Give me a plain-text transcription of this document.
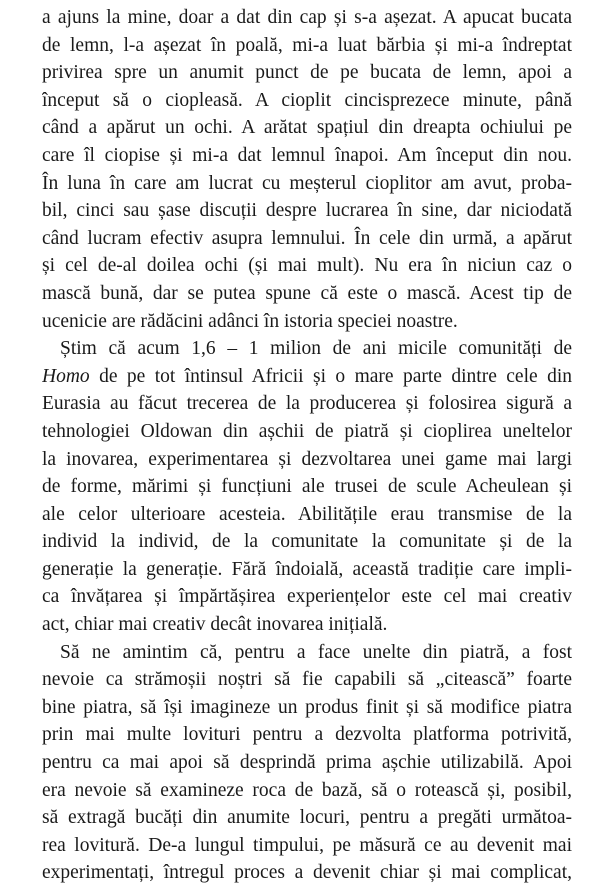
a ajuns la mine, doar a dat din cap și s-a așezat. A apucat bucata
de lemn, l-a așezat în poală, mi-a luat bărbia și mi-a îndreptat
privirea spre un anumit punct de pe bucata de lemn, apoi a
început să o ciopleasă. A cioplit cincisprezece minute, până
când a apărut un ochi. A arătat spațiul din dreapta ochiului pe
care îl ciopise și mi-a dat lemnul înapoi. Am început din nou.
În luna în care am lucrat cu meșterul cioplitor am avut, proba-
bil, cinci sau șase discuții despre lucrarea în sine, dar niciodată
când lucram efectiv asupra lemnului. În cele din urmă, a apărut
și cel de-al doilea ochi (și mai mult). Nu era în niciun caz o
mască bună, dar se putea spune că este o mască. Acest tip de
ucenicie are rădăcini adânci în istoria speciei noastre.
Știm că acum 1,6 – 1 milion de ani micile comunități de
Homo de pe tot întinsul Africii și o mare parte dintre cele din
Eurasia au făcut trecerea de la producerea și folosirea sigură a
tehnologiei Oldowan din așchii de piatră și cioplirea uneltelor
la inovarea, experimentarea și dezvoltarea unei game mai largi
de forme, mărimi și funcțiuni ale trusei de scule Acheulean și
ale celor ulterioare acesteia. Abilitățile erau transmise de la
individ la individ, de la comunitate la comunitate și de la
generație la generație. Fără îndoială, această tradiție care impli-
ca învățarea și împărtășirea experiențelor este cel mai creativ
act, chiar mai creativ decât inovarea inițială.
Să ne amintim că, pentru a face unelte din piatră, a fost
nevoie ca strămoșii noștri să fie capabili să „citească” foarte
bine piatra, să își imagineze un produs finit și să modifice piatra
prin mai multe lovituri pentru a dezvolta platforma potrivită,
pentru ca mai apoi să desprindă prima așchie utilizabilă. Apoi
era nevoie să examineze roca de bază, să o rotească și, posibil,
să extragă bucăți din anumite locuri, pentru a pregăti următoa-
rea lovitură. De-a lungul timpului, pe măsură ce au devenit mai
experimentați, întregul proces a devenit chiar și mai complicat,
